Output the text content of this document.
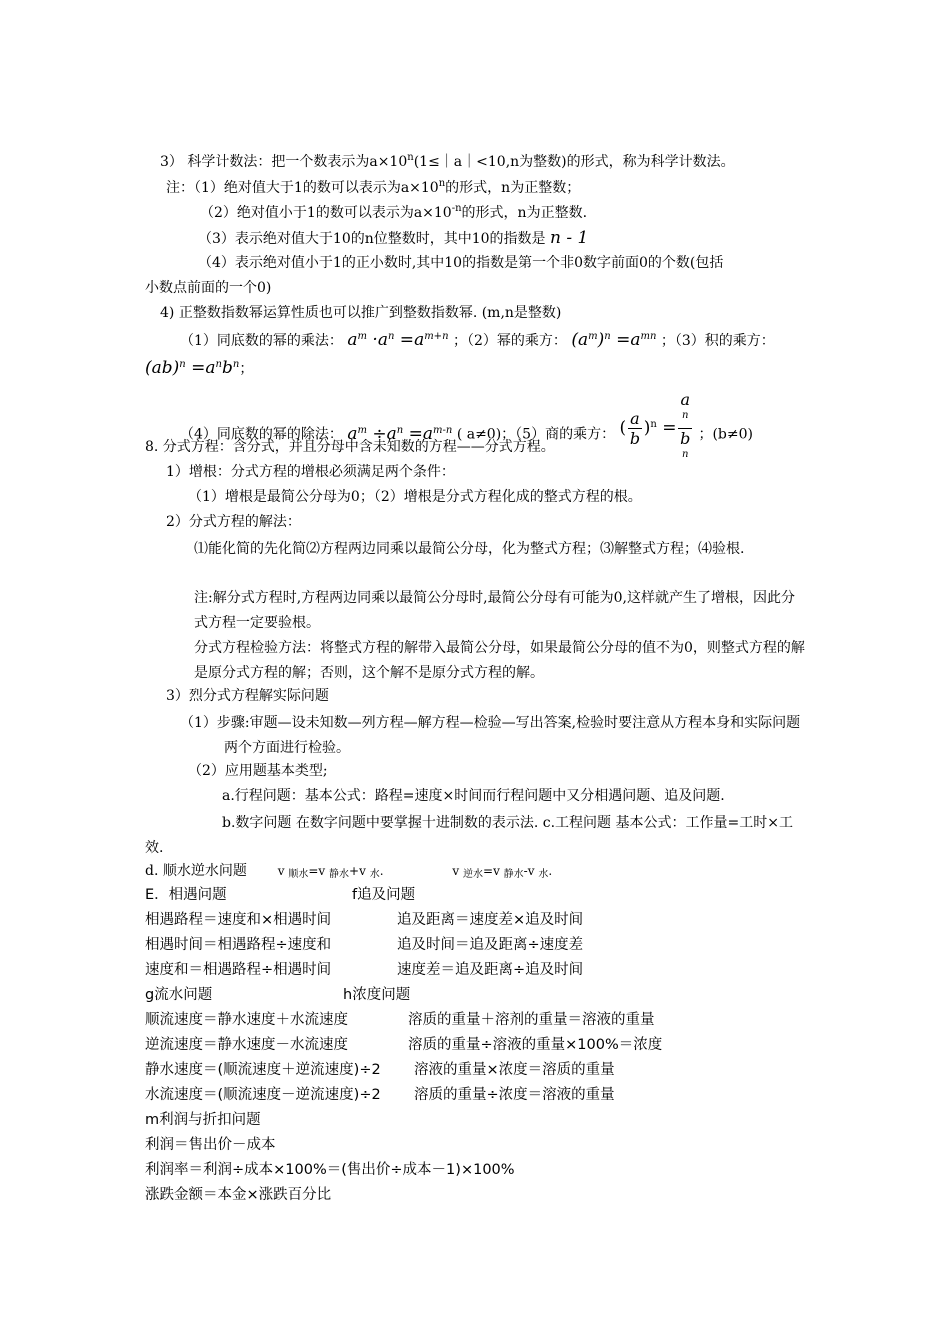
3） 科学计数法：把一个数表示为$a\times 10^n(1\le|a|<10,n$为整数)的形式，称为科学计数法。
注：（1）绝对值大于1的数可以表示为$a\times 10^n$的形式，n为正整数；
（2）绝对值小于1的数可以表示为$a\times 10^{-n}$的形式，n为正整数.
（3）表示绝对值大于10的n位整数时，其中10的指数是 n - 1
（4）表示绝对值小于1的正小数时,其中10的指数是第一个非0数字前面0的个数(包括
小数点前面的一个0)
4) 正整数指数幂运算性质也可以推广到整数指数幂. (m,n是整数)
（1）同底数的幂的乘法： $a^m \cdot a^n =a^{m+n}$ ；（2）幂的乘方： $(a^m)^n =a^{mn}$ ；（3）积的乘方：
$(ab)^n =a^nb^n$；
（4）同底数的幂的除法： $a^m \div a^n =a^{m-n}$ ( a≠0)；（5）商的乘方： ( $\frac{a}{b} )^n = a$
$^n$
b
$^n$ ；(b≠0)
8. 分式方程：含分式，并且分母中含未知数的方程——分式方程。
1）增根：分式方程的增根必须满足两个条件：
（1）增根是最简公分母为0；（2）增根是分式方程化成的整式方程的根。
2）分式方程的解法：
⑴能化简的先化简⑵方程两边同乘以最简公分母，化为整式方程；⑶解整式方程；⑷验根.
注:解分式方程时,方程两边同乘以最简公分母时,最简公分母有可能为0,这样就产生了增根，因此分式方程一定要验根。
分式方程检验方法：将整式方程的解带入最简公分母，如果最简公分母的值不为0，则整式方程的解是原分式方程的解；否则，这个解不是原分式方程的解。
3）烈分式方程解实际问题
（1）步骤:审题—设未知数—列方程—解方程—检验—写出答案,检验时要注意从方程本身和实际问题两个方面进行检验。
（2）应用题基本类型;
a.行程问题：基本公式：路程=速度×时间而行程问题中又分相遇问题、追及问题.
b.数字问题 在数字问题中要掌握十进制数的表示法. c.工程问题 基本公式：工作量=工时×工效.
d. 顺水逆水问题	v $_{顺水}$=v $_{静水}$+v $_水$.	v $_{逆水}$=v $_{静水}$-v $_水$.
E．相遇问题	f追及问题
相遇路程＝速度和×相遇时间	追及距离＝速度差×追及时间
相遇时间＝相遇路程÷速度和	追及时间＝追及距离÷速度差
速度和＝相遇路程÷相遇时间	速度差＝追及距离÷追及时间
g流水问题	h浓度问题
顺流速度＝静水速度＋水流速度	溶质的重量＋溶剂的重量＝溶液的重量
逆流速度＝静水速度－水流速度	溶质的重量÷溶液的重量×100%＝浓度
静水速度＝(顺流速度＋逆流速度)÷2 溶液的重量×浓度＝溶质的重量
水流速度＝(顺流速度－逆流速度)÷2 溶质的重量÷浓度＝溶液的重量
m利润与折扣问题
利润＝售出价－成本
利润率＝利润÷成本×100%＝(售出价÷成本－1)×100%
涨跌金额＝本金×涨跌百分比
